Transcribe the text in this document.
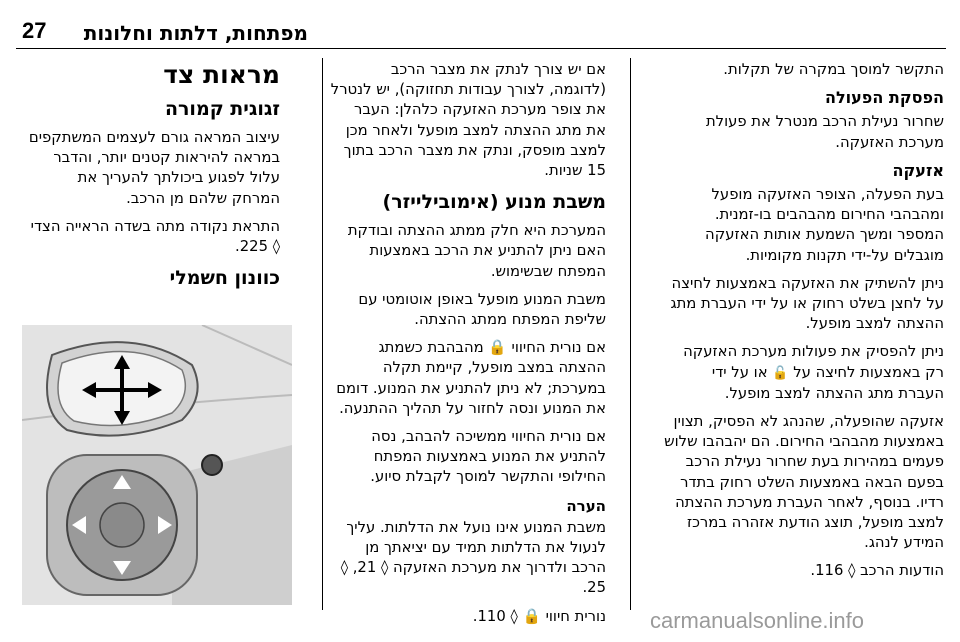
27 מפתחות, דלתות וחלונות

התקשר למוסך במקרה של תקלות.

הפסקת הפעולה

שחרור נעילת הרכב מנטרל את פעולת מערכת האזעקה.

אזעקה

בעת הפעלה, הצופר האזעקה מופעל ומהבהבי החירום מהבהבים בו-זמנית. המספר ומשך השמעת אותות האזעקה מוגבלים על-ידי תקנות מקומיות.

ניתן להשתיק את האזעקה באמצעות לחיצה על לחצן בשלט רחוק או על ידי העברת מתג ההצתה למצב מופעל.

ניתן להפסיק את פעולות מערכת האזעקה רק באמצעות לחיצה על 🔓 או על ידי העברת מתג ההצתה למצב מופעל.

אזעקה שהופעלה, שהנהג לא הפסיק, תצוין באמצעות מהבהבי החירום. הם יהבהבו שלוש פעמים במהירות בעת שחרור נעילת הרכב בפעם הבאה באמצעות השלט רחוק בתדר רדיו. בנוסף, לאחר העברת מערכת ההצתה למצב מופעל, תוצג הודעת אזהרה במרכז המידע לנהג.

הודעות הרכב ◊ 116.

אם יש צורך לנתק את מצבר הרכב (לדוגמה, לצורך עבודות תחזוקה), יש לנטרל את צופר מערכת האזעקה כלהלן: העבר את מתג ההצתה למצב מופעל ולאחר מכן למצב מופסק, ונתק את מצבר הרכב בתוך 15 שניות.

משבת מנוע (אימובילייזר)

המערכת היא חלק ממתג ההצתה ובודקת האם ניתן להתניע את הרכב באמצעות המפתח שבשימוש.

משבת המנוע מופעל באופן אוטומטי עם שליפת המפתח ממתג ההצתה.

אם נורית החיווי 🔒 מהבהבת כשמתג ההצתה במצב מופעל, קיימת תקלה במערכת; לא ניתן להתניע את המנוע. דומם את המנוע ונסה לחזור על תהליך ההתנעה.

אם נורית החיווי ממשיכה להבהב, נסה להתניע את המנוע באמצעות המפתח החילופי והתקשר למוסך לקבלת סיוע.

הערה

משבת המנוע אינו נועל את הדלתות. עליך לנעול את הדלתות תמיד עם יציאתך מן הרכב ולדרוך את מערכת האזעקה ◊ 21, ◊ 25.

נורית חיווי 🔒 ◊ 110.

מראות צד
זגוגית קמורה

עיצוב המראה גורם לעצמים המשתקפים במראה להיראות קטנים יותר, והדבר עלול לפגוע ביכולתך להעריך את המרחק שלהם מן הרכב.

התראת נקודה מתה בשדה הראייה הצדי ◊ 225.

כוונון חשמלי
carmanualsonline.info
